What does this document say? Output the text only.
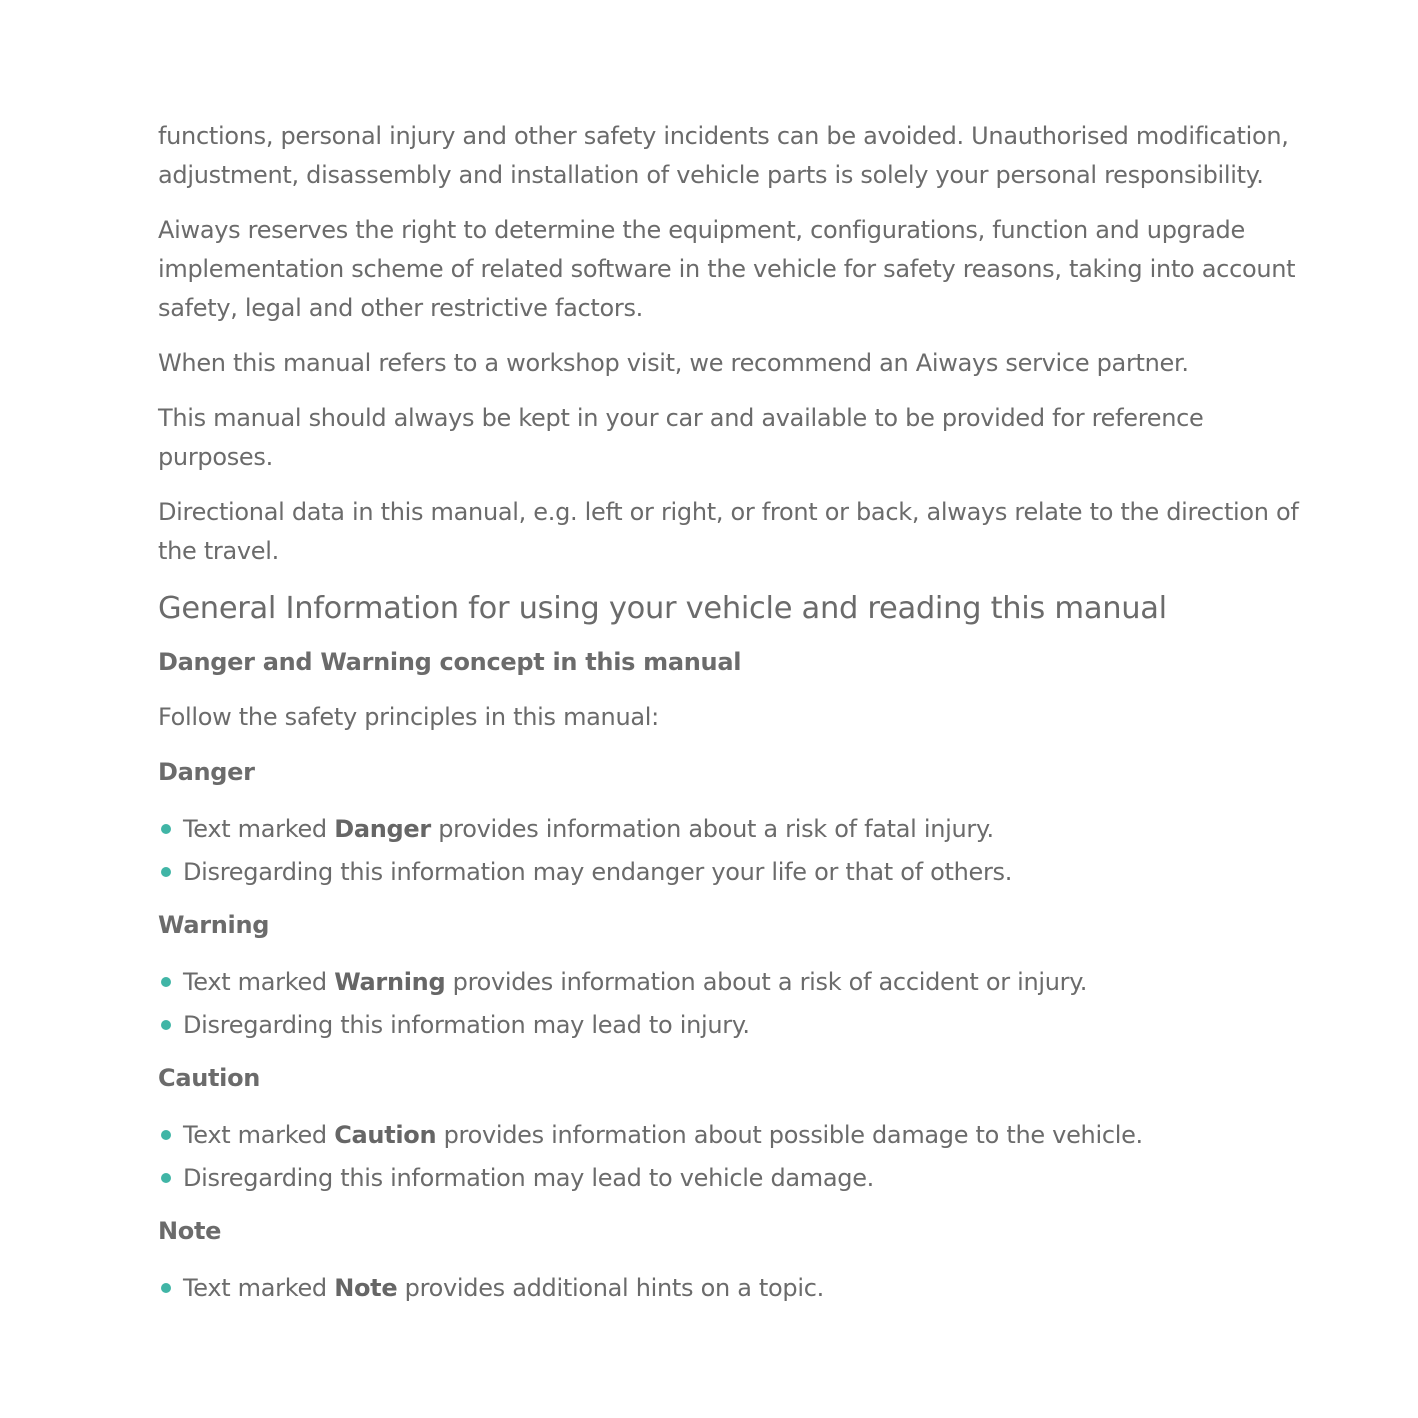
functions, personal injury and other safety incidents can be avoided. Unauthorised modification, adjustment, disassembly and installation of vehicle parts is solely your personal responsibility.

Aiways reserves the right to determine the equipment, configurations, function and upgrade implementation scheme of related software in the vehicle for safety reasons, taking into account safety, legal and other restrictive factors.

When this manual refers to a workshop visit, we recommend an Aiways service partner.

This manual should always be kept in your car and available to be provided for reference purposes.

Directional data in this manual, e.g. left or right, or front or back, always relate to the direction of the travel.

General Information for using your vehicle and reading this manual
Danger and Warning concept in this manual

Follow the safety principles in this manual:

Danger
Text marked Danger provides information about a risk of fatal injury.
Disregarding this information may endanger your life or that of others.
Warning
Text marked Warning provides information about a risk of accident or injury.
Disregarding this information may lead to injury.
Caution
Text marked Caution provides information about possible damage to the vehicle.
Disregarding this information may lead to vehicle damage.
Note
Text marked Note provides additional hints on a topic.
